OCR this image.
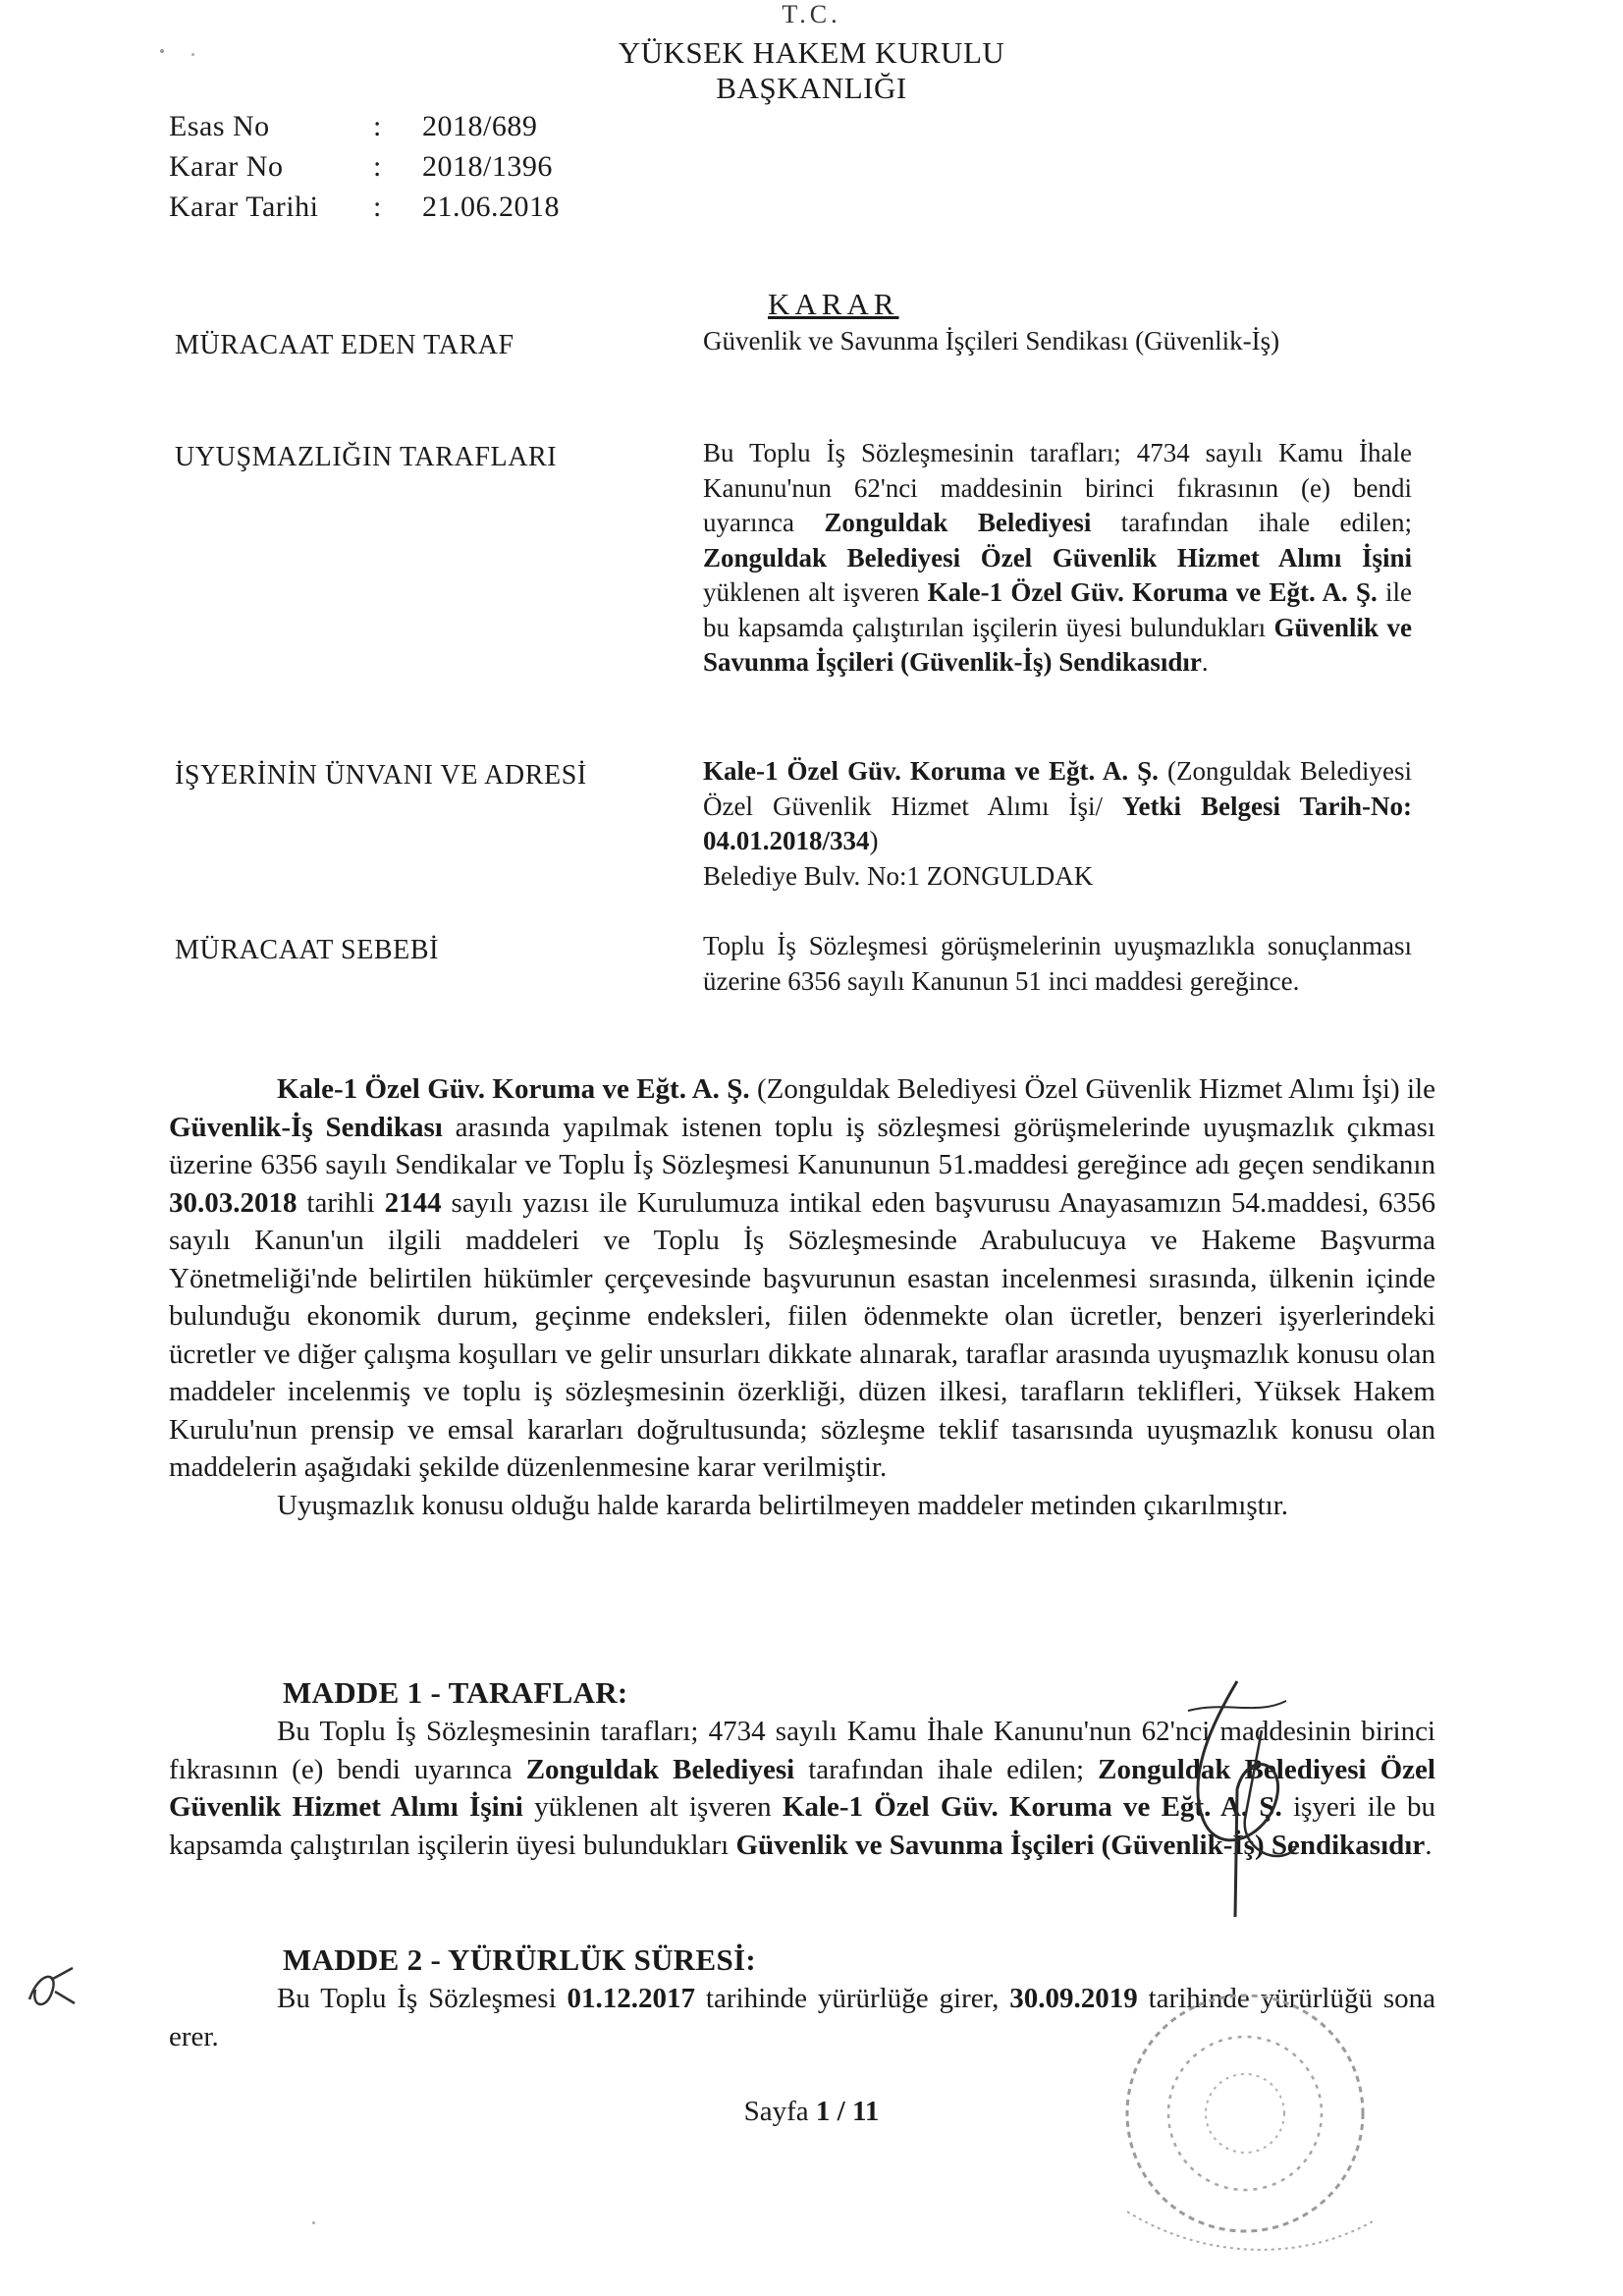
T.C.
YÜKSEK HAKEM KURULU
BAŞKANLIĞI
Esas No	:	2018/689
Karar No	:	2018/1396
Karar Tarihi	:	21.06.2018
KARAR
MÜRACAAT EDEN TARAF	Güvenlik ve Savunma İşçileri Sendikası (Güvenlik-İş)
UYUŞMAZLIĞIN TARAFLARI	Bu Toplu İş Sözleşmesinin tarafları; 4734 sayılı Kamu İhale Kanunu'nun 62'nci maddesinin birinci fıkrasının (e) bendi uyarınca Zonguldak Belediyesi tarafından ihale edilen; Zonguldak Belediyesi Özel Güvenlik Hizmet Alımı İşini yüklenen alt işveren Kale-1 Özel Güv. Koruma ve Eğt. A. Ş. ile bu kapsamda çalıştırılan işçilerin üyesi bulundukları Güvenlik ve Savunma İşçileri (Güvenlik-İş) Sendikasıdır.
İŞYERİNİN ÜNVANI VE ADRESİ	Kale-1 Özel Güv. Koruma ve Eğt. A. Ş. (Zonguldak Belediyesi Özel Güvenlik Hizmet Alımı İşi/ Yetki Belgesi Tarih-No: 04.01.2018/334)
Belediye Bulv. No:1 ZONGULDAK
MÜRACAAT SEBEBİ	Toplu İş Sözleşmesi görüşmelerinin uyuşmazlıkla sonuçlanması üzerine 6356 sayılı Kanunun 51 inci maddesi gereğince.

Kale-1 Özel Güv. Koruma ve Eğt. A. Ş. (Zonguldak Belediyesi Özel Güvenlik Hizmet Alımı İşi) ile Güvenlik-İş Sendikası arasında yapılmak istenen toplu iş sözleşmesi görüşmelerinde uyuşmazlık çıkması üzerine 6356 sayılı Sendikalar ve Toplu İş Sözleşmesi Kanununun 51.maddesi gereğince adı geçen sendikanın 30.03.2018 tarihli 2144 sayılı yazısı ile Kurulumuza intikal eden başvurusu Anayasamızın 54.maddesi, 6356 sayılı Kanun'un ilgili maddeleri ve Toplu İş Sözleşmesinde Arabulucuya ve Hakeme Başvurma Yönetmeliği'nde belirtilen hükümler çerçevesinde başvurunun esastan incelenmesi sırasında, ülkenin içinde bulunduğu ekonomik durum, geçinme endeksleri, fiilen ödenmekte olan ücretler, benzeri işyerlerindeki ücretler ve diğer çalışma koşulları ve gelir unsurları dikkate alınarak, taraflar arasında uyuşmazlık konusu olan maddeler incelenmiş ve toplu iş sözleşmesinin özerkliği, düzen ilkesi, tarafların teklifleri, Yüksek Hakem Kurulu'nun prensip ve emsal kararları doğrultusunda; sözleşme teklif tasarısında uyuşmazlık konusu olan maddelerin aşağıdaki şekilde düzenlenmesine karar verilmiştir.

Uyuşmazlık konusu olduğu halde kararda belirtilmeyen maddeler metinden çıkarılmıştır.

MADDE 1 - TARAFLAR:

Bu Toplu İş Sözleşmesinin tarafları; 4734 sayılı Kamu İhale Kanunu'nun 62'nci maddesinin birinci fıkrasının (e) bendi uyarınca Zonguldak Belediyesi tarafından ihale edilen; Zonguldak Belediyesi Özel Güvenlik Hizmet Alımı İşini yüklenen alt işveren Kale-1 Özel Güv. Koruma ve Eğt. A. Ş. işyeri ile bu kapsamda çalıştırılan işçilerin üyesi bulundukları Güvenlik ve Savunma İşçileri (Güvenlik-İş) Sendikasıdır.

MADDE 2 - YÜRÜRLÜK SÜRESİ:

Bu Toplu İş Sözleşmesi 01.12.2017 tarihinde yürürlüğe girer, 30.09.2019 tarihinde yürürlüğü sona erer.

Sayfa 1 / 11
